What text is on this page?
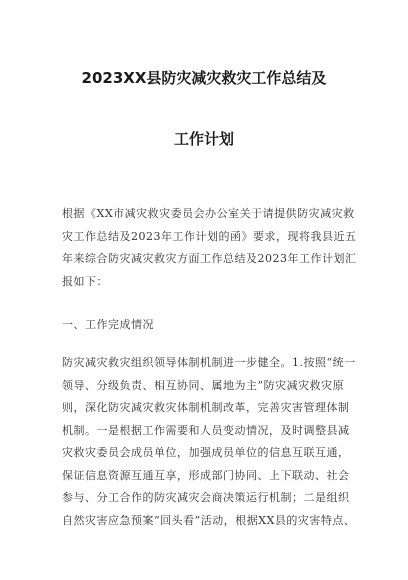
2023XX县防灾减灾救灾工作总结及
工作计划
根据《XX市减灾救灾委员会办公室关于请提供防灾减灾救
灾工作总结及2023年工作计划的函》要求，现将我县近五
年来综合防灾减灾救灾方面工作总结及2023年工作计划汇
报如下：
一、工作完成情况
防灾减灾救灾组织领导体制机制进一步健全。1.按照“统一
领导、分级负责、相互协同、属地为主”防灾减灾救灾原
则，深化防灾减灾救灾体制机制改革，完善灾害管理体制
机制。一是根据工作需要和人员变动情况，及时调整县减
灾救灾委员会成员单位，加强成员单位的信息互联互通，
保证信息资源互通互享，形成部门协同、上下联动、社会
参与、分工合作的防灾减灾会商决策运行机制；二是组织
自然灾害应急预案“回头看”活动，根据XX县的灾害特点、
